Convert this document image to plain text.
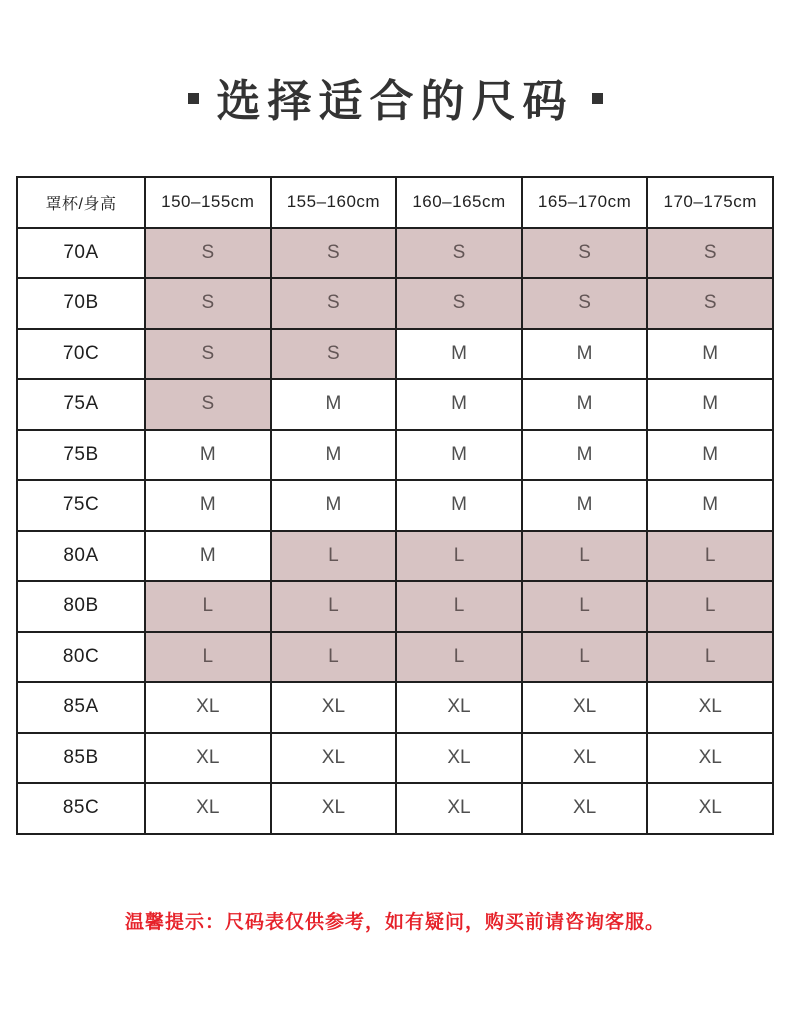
选择适合的尺码
罩杯/身高	150–155cm	155–160cm	160–165cm	165–170cm	170–175cm
70A	S	S	S	S	S
70B	S	S	S	S	S
70C	S	S	M	M	M
75A	S	M	M	M	M
75B	M	M	M	M	M
75C	M	M	M	M	M
80A	M	L	L	L	L
80B	L	L	L	L	L
80C	L	L	L	L	L
85A	XL	XL	XL	XL	XL
85B	XL	XL	XL	XL	XL
85C	XL	XL	XL	XL	XL
温馨提示：尺码表仅供参考，如有疑问，购买前请咨询客服。
